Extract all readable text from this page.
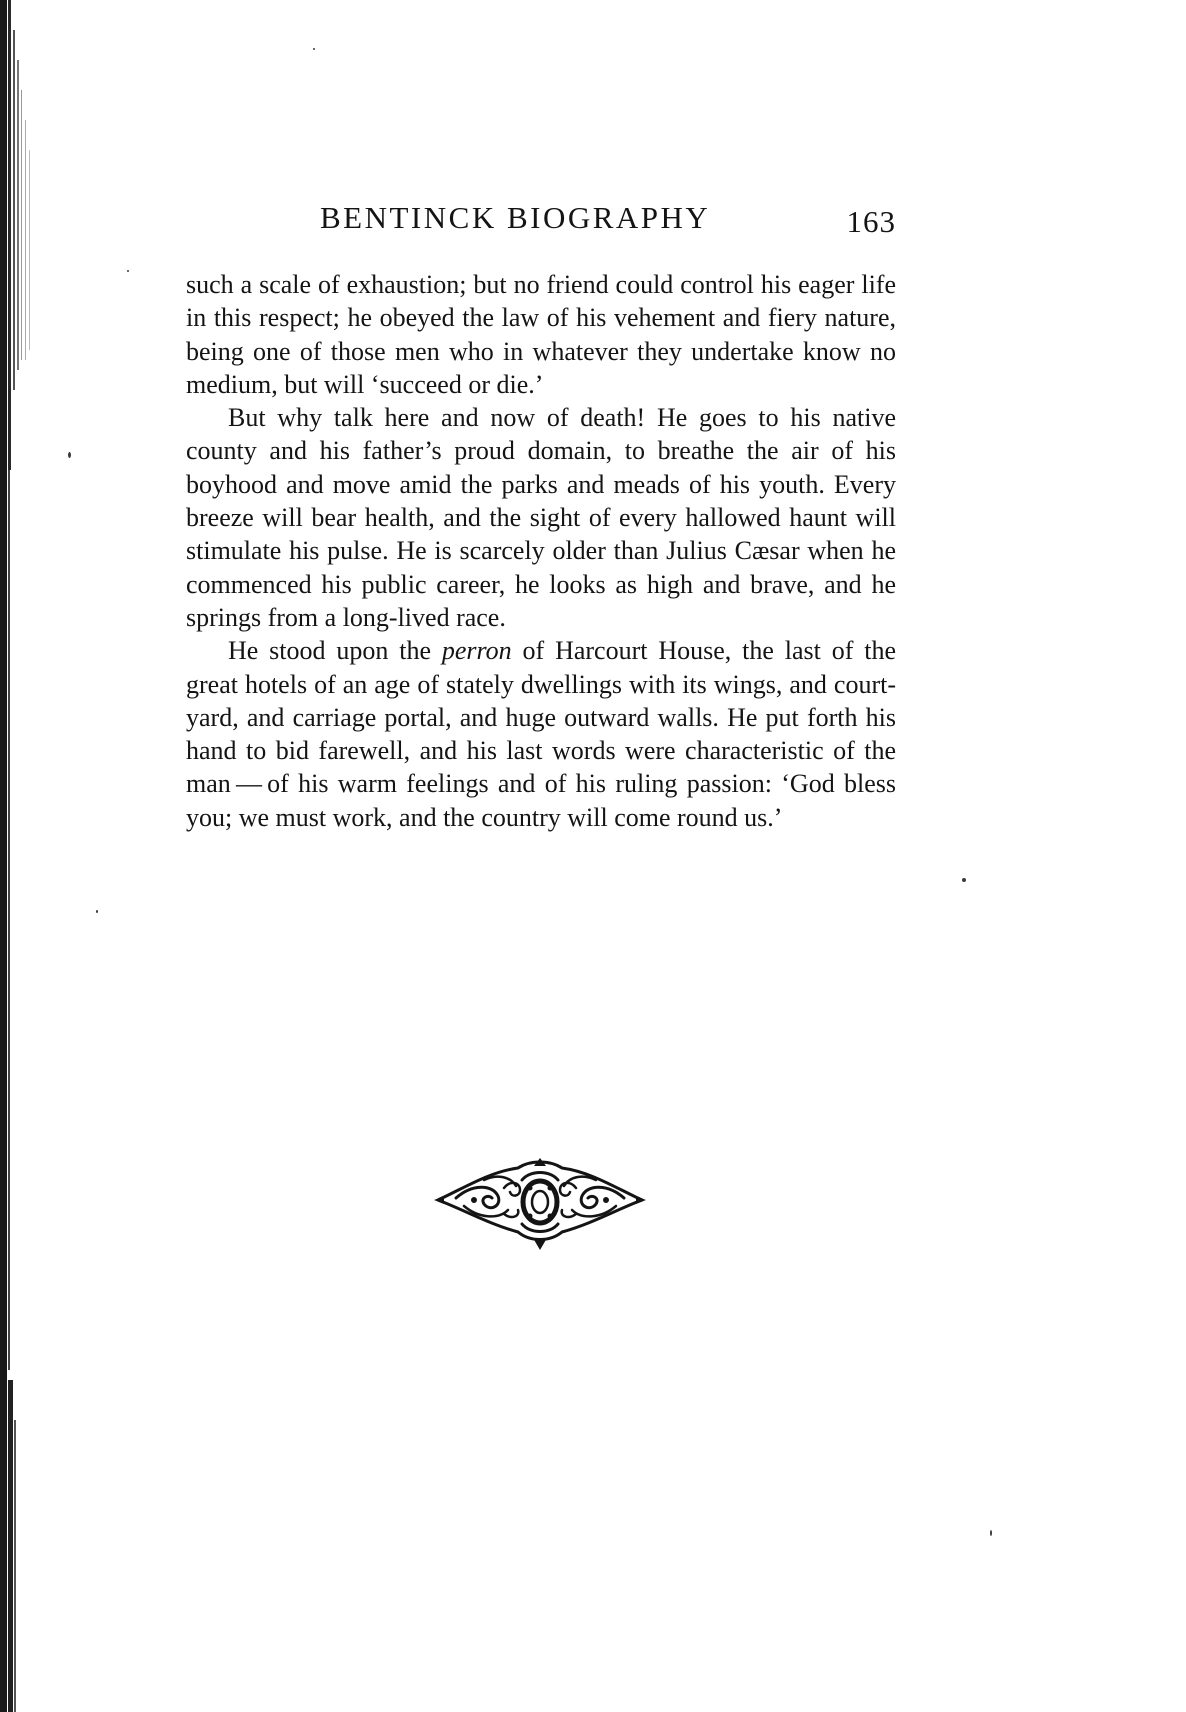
BENTINCK BIOGRAPHY	163

such a scale of exhaustion; but no friend could control his eager life in this respect; he obeyed the law of his vehement and fiery nature, being one of those men who in whatever they undertake know no medium, but will ‘succeed or die.’

But why talk here and now of death! He goes to his native county and his father’s proud domain, to breathe the air of his boyhood and move amid the parks and meads of his youth. Every breeze will bear health, and the sight of every hallowed haunt will stimulate his pulse. He is scarcely older than Julius Cæsar when he commenced his public career, he looks as high and brave, and he springs from a long-lived race.

He stood upon the perron of Harcourt House, the last of the great hotels of an age of stately dwellings with its wings, and court-yard, and carriage portal, and huge outward walls. He put forth his hand to bid farewell, and his last words were characteristic of the man — of his warm feelings and of his ruling passion: ‘God bless you; we must work, and the country will come round us.’
